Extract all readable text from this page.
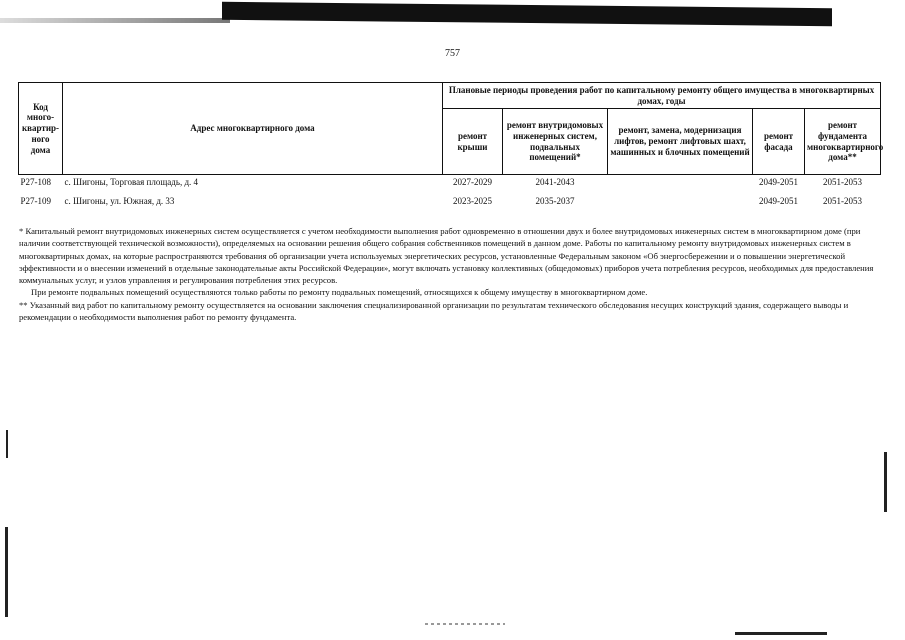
757
Код много-квартир-ного дома	Адрес многоквартирного дома	Плановые периоды проведения работ по капитальному ремонту общего имущества в многоквартирных домах, годы				
		ремонт крыши	ремонт внутридомовых инженерных систем, подвальных помещений*	ремонт, замена, модернизация лифтов, ремонт лифтовых шахт, машинных и блочных помещений	ремонт фасада	ремонт фундамента многоквартирного дома**
Р27-108	с. Шигоны, Торговая площадь, д. 4	2027-2029	2041-2043		2049-2051	2051-2053
Р27-109	с. Шигоны, ул. Южная, д. 33	2023-2025	2035-2037		2049-2051	2051-2053

* Капитальный ремонт внутридомовых инженерных систем осуществляется с учетом необходимости выполнения работ одновременно в отношении двух и более внутридомовых инженерных систем в многоквартирном доме (при наличии соответствующей технической возможности), определяемых на основании решения общего собрания собственников помещений в данном доме. Работы по капитальному ремонту внутридомовых инженерных систем в многоквартирных домах, на которые распространяются требования об организации учета используемых энергетических ресурсов, установленные Федеральным законом «Об энергосбережении и о повышении энергетической эффективности и о внесении изменений в отдельные законодательные акты Российской Федерации», могут включать установку коллективных (общедомовых) приборов учета потребления ресурсов, необходимых для предоставления коммунальных услуг, и узлов управления и регулирования потребления этих ресурсов.

При ремонте подвальных помещений осуществляются только работы по ремонту подвальных помещений, относящихся к общему имуществу в многоквартирном доме.

** Указанный вид работ по капитальному ремонту осуществляется на основании заключения специализированной организации по результатам технического обследования несущих конструкций здания, содержащего выводы и рекомендации о необходимости выполнения работ по ремонту фундамента.
